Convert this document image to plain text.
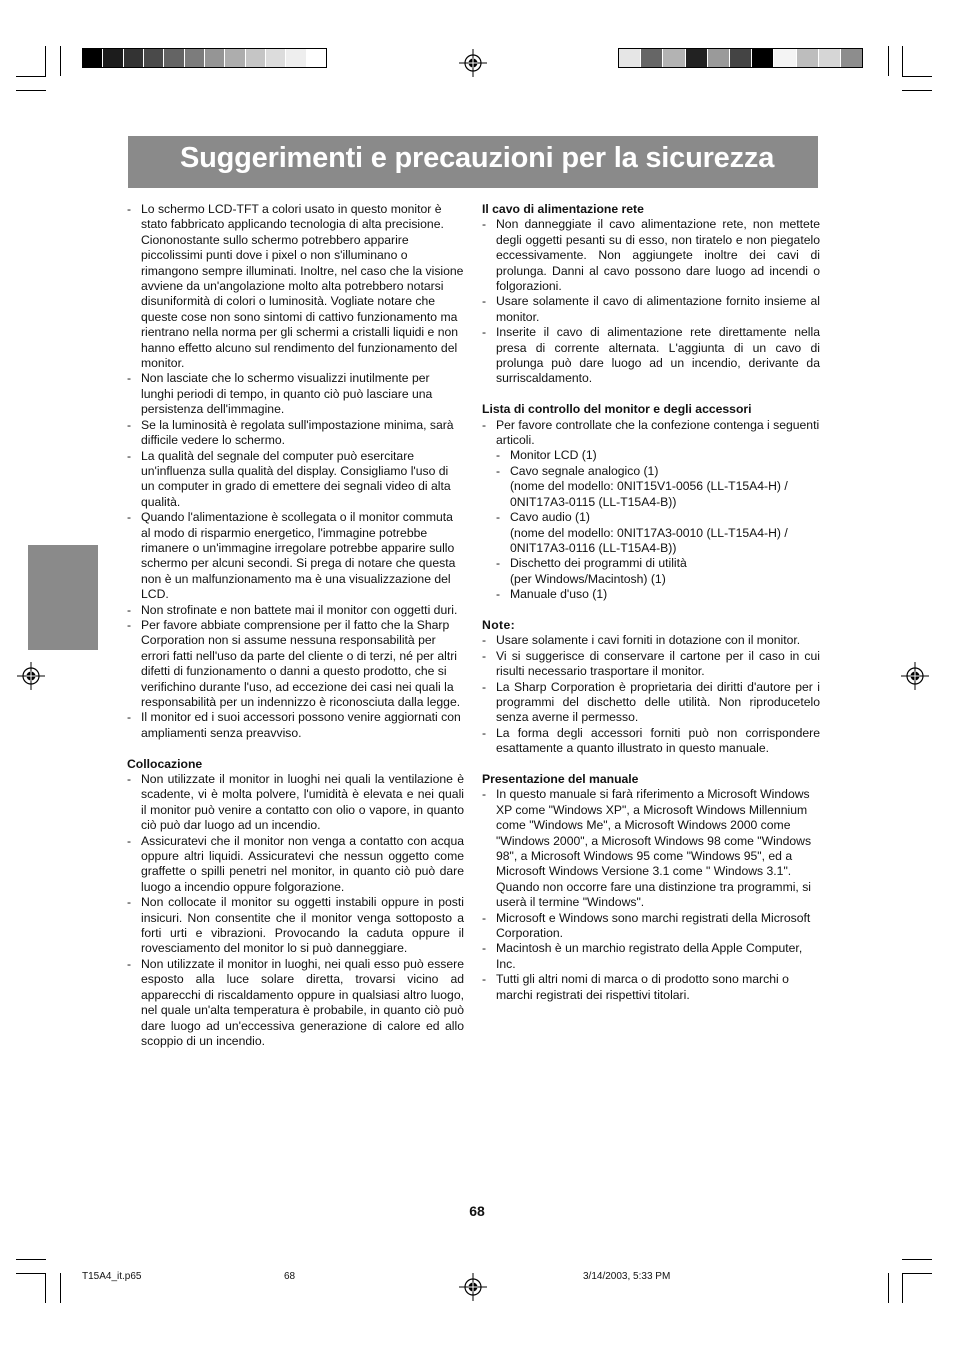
Suggerimenti e precauzioni per la sicurezza
- Lo schermo LCD-TFT a colori usato in questo monitor è stato fabbricato applicando tecnologia di alta precisione. Ciononostante sullo schermo potrebbero apparire piccolissimi punti dove i pixel o non s'illuminano o rimangono sempre illuminati. Inoltre, nel caso che la visione avviene da un'angolazione molto alta potrebbero notarsi disuniformità di colori o luminosità. Vogliate notare che queste cose non sono sintomi di cattivo funzionamento ma rientrano nella norma per gli schermi a cristalli liquidi e non hanno effetto alcuno sul rendimento del funzionamento del monitor.
- Non lasciate che lo schermo visualizzi inutilmente per lunghi periodi di tempo, in quanto ciò può lasciare una persistenza dell'immagine.
- Se la luminosità è regolata sull'impostazione minima, sarà difficile vedere lo schermo.
- La qualità del segnale del computer può esercitare un'influenza sulla qualità del display. Consigliamo l'uso di un computer in grado di emettere dei segnali video di alta qualità.
- Quando l'alimentazione è scollegata o il monitor commuta al modo di risparmio energetico, l'immagine potrebbe rimanere o un'immagine irregolare potrebbe apparire sullo schermo per alcuni secondi. Si prega di notare che questa non è un malfunzionamento ma è una visualizzazione del LCD.
- Non strofinate e non battete mai il monitor con oggetti duri.
- Per favore abbiate comprensione per il fatto che la Sharp Corporation non si assume nessuna responsabilità per errori fatti nell'uso da parte del cliente o di terzi, né per altri difetti di funzionamento o danni a questo prodotto, che si verifichino durante l'uso, ad eccezione dei casi nei quali la responsabilità per un indennizzo è riconosciuta dalla legge.
- Il monitor ed i suoi accessori possono venire aggiornati con ampliamenti senza preavviso.

Collocazione

- Non utilizzate il monitor in luoghi nei quali la ventilazione è scadente, vi è molta polvere, l'umidità è elevata e nei quali il monitor può venire a contatto con olio o vapore, in quanto ciò può dar luogo ad un incendio.
- Assicuratevi che il monitor non venga a contatto con acqua oppure altri liquidi. Assicuratevi che nessun oggetto come graffette o spilli penetri nel monitor, in quanto ciò può dare luogo a incendio oppure folgorazione.
- Non collocate il monitor su oggetti instabili oppure in posti insicuri. Non consentite che il monitor venga sottoposto a forti urti e vibrazioni. Provocando la caduta oppure il rovesciamento del monitor lo si può danneggiare.
- Non utilizzate il monitor in luoghi, nei quali esso può essere esposto alla luce solare diretta, trovarsi vicino ad apparecchi di riscaldamento oppure in qualsiasi altro luogo, nel quale un'alta temperatura è probabile, in quanto ciò può dare luogo ad un'eccessiva generazione di calore ed allo scoppio di un incendio.

Il cavo di alimentazione rete

- Non danneggiate il cavo alimentazione rete, non mettete degli oggetti pesanti su di esso, non tiratelo e non piegatelo eccessivamente. Non aggiungete inoltre dei cavi di prolunga. Danni al cavo possono dare luogo ad incendi o folgorazioni.
- Usare solamente il cavo di alimentazione fornito insieme al monitor.
- Inserite il cavo di alimentazione rete direttamente nella presa di corrente alternata. L'aggiunta di un cavo di prolunga può dare luogo ad un incendio, derivante da surriscaldamento.

Lista di controllo del monitor e degli accessori

- Per favore controllate che la confezione contenga i seguenti articoli.
- Monitor LCD (1)
- Cavo segnale analogico (1)
(nome del modello: 0NIT15V1-0056 (LL-T15A4-H) /
0NIT17A3-0115 (LL-T15A4-B))
- Cavo audio (1)
(nome del modello: 0NIT17A3-0010 (LL-T15A4-H) /
0NIT17A3-0116 (LL-T15A4-B))
- Dischetto dei programmi di utilità
(per Windows/Macintosh) (1)
- Manuale d'uso (1)

Note:

- Usare solamente i cavi forniti in dotazione con il monitor.
- Vi si suggerisce di conservare il cartone per il caso in cui risulti necessario trasportare il monitor.
- La Sharp Corporation è proprietaria dei diritti d'autore per i programmi del dischetto delle utilità. Non riproducetelo senza averne il permesso.
- La forma degli accessori forniti può non corrispondere esattamente a quanto illustrato in questo manuale.

Presentazione del manuale

- In questo manuale si farà riferimento a Microsoft Windows XP come "Windows XP", a Microsoft Windows Millennium come "Windows Me", a Microsoft Windows 2000 come "Windows 2000", a Microsoft Windows 98 come "Windows 98", a Microsoft Windows 95 come "Windows 95", ed a Microsoft Windows Versione 3.1 come " Windows 3.1". Quando non occorre fare una distinzione tra programmi, si userà il termine "Windows".
- Microsoft e Windows sono marchi registrati della Microsoft Corporation.
- Macintosh è un marchio registrato della Apple Computer, Inc.
- Tutti gli altri nomi di marca o di prodotto sono marchi o marchi registrati dei rispettivi titolari.
68
T15A4_it.p65	68	3/14/2003, 5:33 PM
